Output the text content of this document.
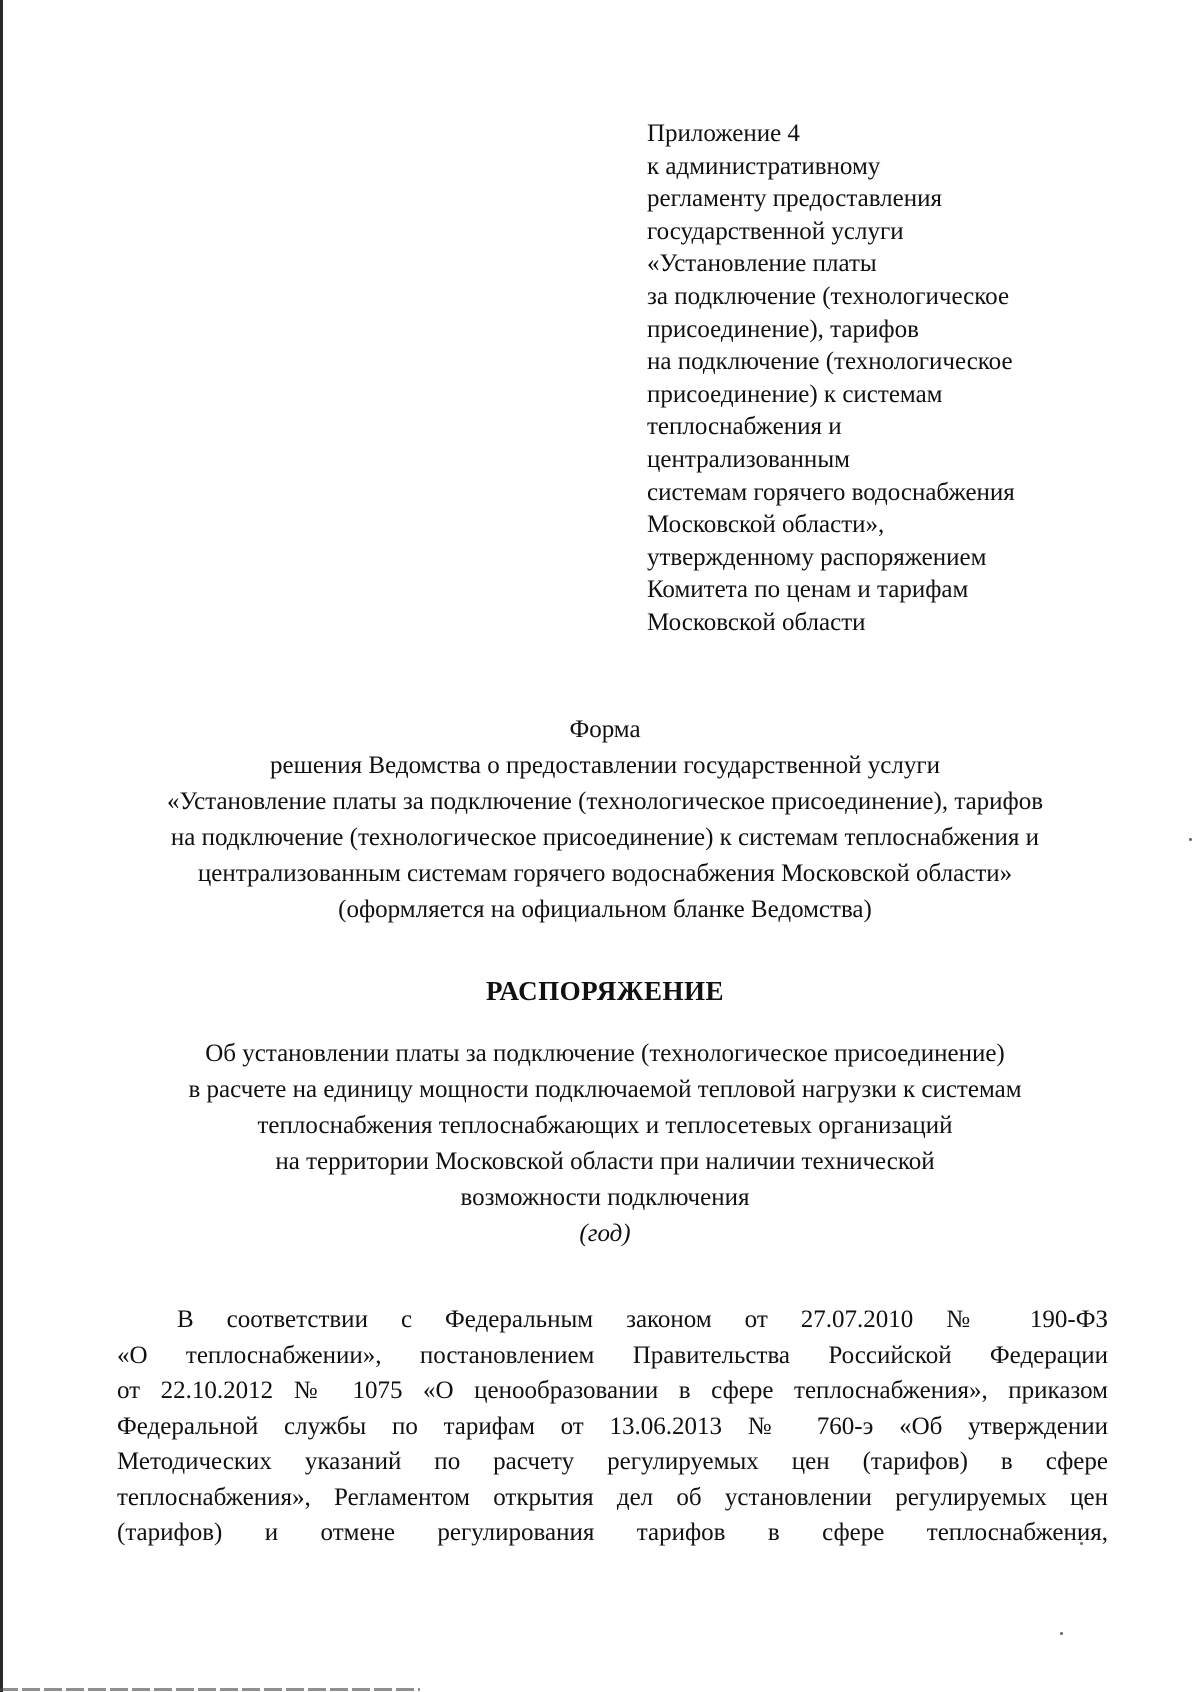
Приложение 4
к административному
регламенту предоставления
государственной услуги
«Установление платы
за подключение (технологическое
присоединение), тарифов
на подключение (технологическое
присоединение) к системам
теплоснабжения и
централизованным
системам горячего водоснабжения
Московской области»,
утвержденному распоряжением
Комитета по ценам и тарифам
Московской области
Форма
решения Ведомства о предоставлении государственной услуги
«Установление платы за подключение (технологическое присоединение), тарифов
на подключение (технологическое присоединение) к системам теплоснабжения и
централизованным системам горячего водоснабжения Московской области»
(оформляется на официальном бланке Ведомства)
РАСПОРЯЖЕНИЕ
Об установлении платы за подключение (технологическое присоединение)
в расчете на единицу мощности подключаемой тепловой нагрузки к системам
теплоснабжения теплоснабжающих и теплосетевых организаций
на территории Московской области при наличии технической
возможности подключения
(год)
В соответствии с Федеральным законом от 27.07.2010 № 190-ФЗ
«О теплоснабжении», постановлением Правительства Российской Федерации
от 22.10.2012 № 1075 «О ценообразовании в сфере теплоснабжения», приказом
Федеральной службы по тарифам от 13.06.2013 № 760-э «Об утверждении
Методических указаний по расчету регулируемых цен (тарифов) в сфере
теплоснабжения», Регламентом открытия дел об установлении регулируемых цен
(тарифов) и отмене регулирования тарифов в сфере теплоснабжения,
